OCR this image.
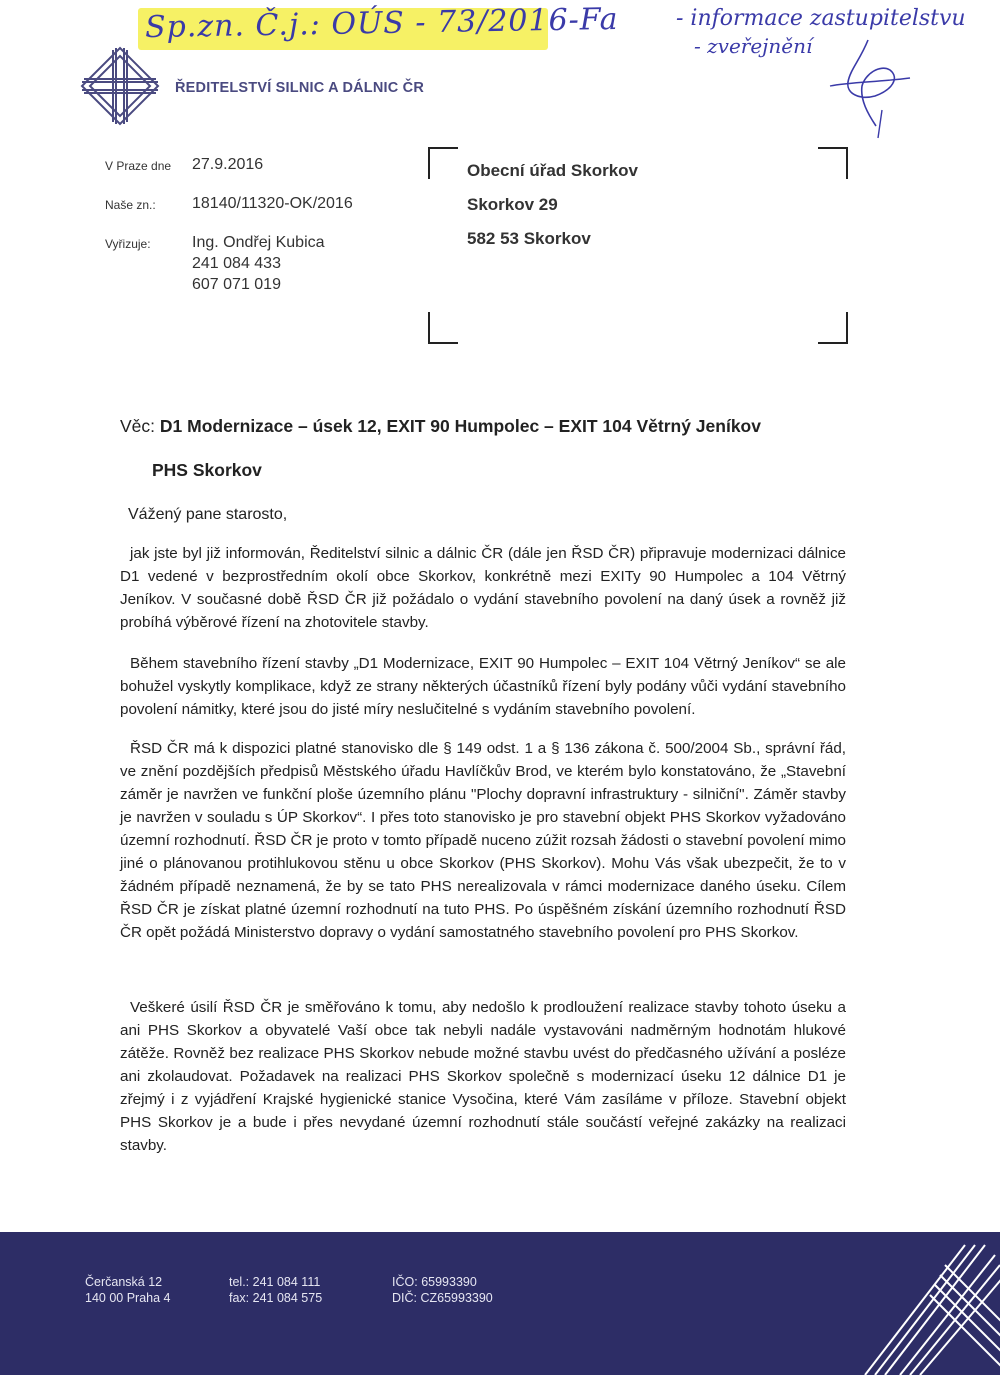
Sp.zn. Č.j.: OÚS - 73/2016-Fa	- informace zastupitelstvu
- zveřejnění
ŘEDITELSTVÍ SILNIC A DÁLNIC ČR
V Praze dne 27.9.2016
Naše zn.: 18140/11320-OK/2016
Vyřizuje:	Ing. Ondřej Kubica
241 084 433
607 071 019
Obecní úřad Skorkov
Skorkov 29
582 53 Skorkov
Věc: D1 Modernizace – úsek 12, EXIT 90 Humpolec – EXIT 104 Větrný Jeníkov
PHS Skorkov
Vážený pane starosto,

jak jste byl již informován, Ředitelství silnic a dálnic ČR (dále jen ŘSD ČR) připravuje modernizaci dálnice D1 vedené v bezprostředním okolí obce Skorkov, konkrétně mezi EXITy 90 Humpolec a 104 Větrný Jeníkov. V současné době ŘSD ČR již požádalo o vydání stavebního povolení na daný úsek a rovněž již probíhá výběrové řízení na zhotovitele stavby.

Během stavebního řízení stavby „D1 Modernizace, EXIT 90 Humpolec – EXIT 104 Větrný Jeníkov“ se ale bohužel vyskytly komplikace, když ze strany některých účastníků řízení byly podány vůči vydání stavebního povolení námitky, které jsou do jisté míry neslučitelné s vydáním stavebního povolení.

ŘSD ČR má k dispozici platné stanovisko dle § 149 odst. 1 a § 136 zákona č. 500/2004 Sb., správní řád, ve znění pozdějších předpisů Městského úřadu Havlíčkův Brod, ve kterém bylo konstatováno, že „Stavební záměr je navržen ve funkční ploše územního plánu "Plochy dopravní infrastruktury - silniční". Záměr stavby je navržen v souladu s ÚP Skorkov“. I přes toto stanovisko je pro stavební objekt PHS Skorkov vyžadováno územní rozhodnutí. ŘSD ČR je proto v tomto případě nuceno zúžit rozsah žádosti o stavební povolení mimo jiné o plánovanou protihlukovou stěnu u obce Skorkov (PHS Skorkov). Mohu Vás však ubezpečit, že to v žádném případě neznamená, že by se tato PHS nerealizovala v rámci modernizace daného úseku. Cílem ŘSD ČR je získat platné územní rozhodnutí na tuto PHS. Po úspěšném získání územního rozhodnutí ŘSD ČR opět požádá Ministerstvo dopravy o vydání samostatného stavebního povolení pro PHS Skorkov.

Veškeré úsilí ŘSD ČR je směřováno k tomu, aby nedošlo k prodloužení realizace stavby tohoto úseku a ani PHS Skorkov a obyvatelé Vaší obce tak nebyli nadále vystavováni nadměrným hodnotám hlukové zátěže. Rovněž bez realizace PHS Skorkov nebude možné stavbu uvést do předčasného užívání a posléze ani zkolaudovat. Požadavek na realizaci PHS Skorkov společně s modernizací úseku 12 dálnice D1 je zřejmý i z vyjádření Krajské hygienické stanice Vysočina, které Vám zasíláme v příloze. Stavební objekt PHS Skorkov je a bude i přes nevydané územní rozhodnutí stále součástí veřejné zakázky na realizaci stavby.

Čerčanská 12
140 00 Praha 4
tel.: 241 084 111
fax: 241 084 575
IČO: 65993390
DIČ: CZ65993390
